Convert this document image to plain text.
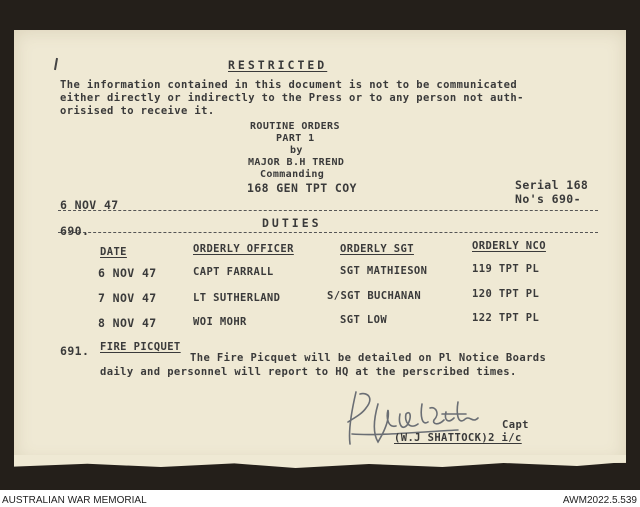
RESTRICTED
The information contained in this document is not to be communicated
either directly or indirectly to the Press or to any person not auth-
orisised to receive it.
ROUTINE ORDERS
PART 1
by
MAJOR B.H TREND
Commanding
168 GEN TPT COY
6 NOV 47
Serial 168
No's 690-
DUTIES
690.
DATE	ORDERLY OFFICER	ORDERLY SGT	ORDERLY NCO
6 NOV 47	CAPT FARRALL	SGT MATHIESON	119 TPT PL
7 NOV 47	LT SUTHERLAND	S/SGT BUCHANAN	120 TPT PL
8 NOV 47	WOI MOHR	SGT LOW	122 TPT PL
691. FIRE PICQUET
The Fire Picquet will be detailed on Pl Notice Boards
daily and personnel will report to HQ at the perscribed times.
Capt
(W.J SHATTOCK)2 i/c
AUSTRALIAN WAR MEMORIAL	AWM2022.5.539
